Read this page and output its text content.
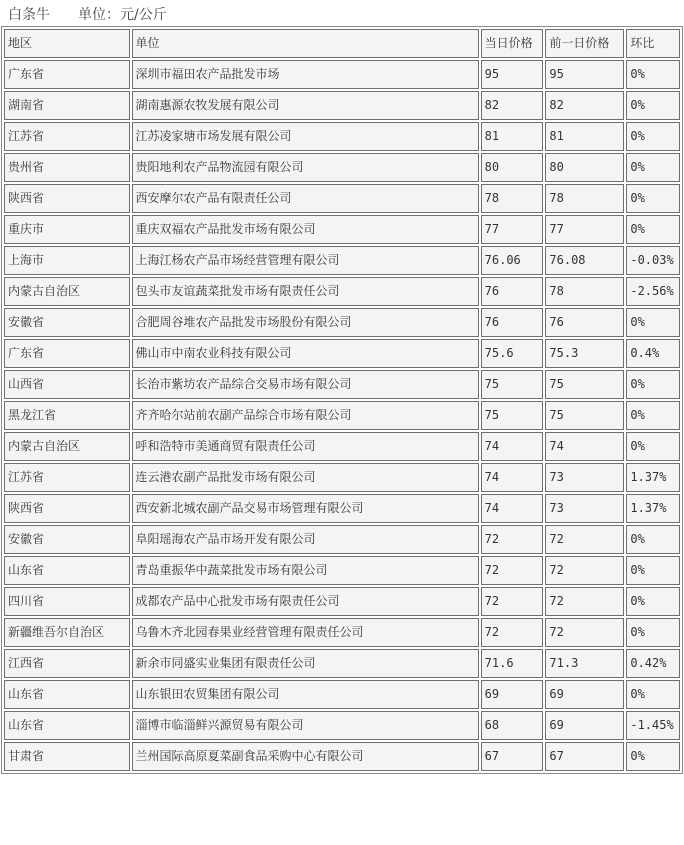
白条牛 单位：元/公斤
地区	单位	当日价格	前一日价格	环比
广东省	深圳市福田农产品批发市场	95	95	0%
湖南省	湖南惠源农牧发展有限公司	82	82	0%
江苏省	江苏凌家塘市场发展有限公司	81	81	0%
贵州省	贵阳地利农产品物流园有限公司	80	80	0%
陕西省	西安摩尔农产品有限责任公司	78	78	0%
重庆市	重庆双福农产品批发市场有限公司	77	77	0%
上海市	上海江杨农产品市场经营管理有限公司	76.06	76.08	-0.03%
内蒙古自治区	包头市友谊蔬菜批发市场有限责任公司	76	78	-2.56%
安徽省	合肥周谷堆农产品批发市场股份有限公司	76	76	0%
广东省	佛山市中南农业科技有限公司	75.6	75.3	0.4%
山西省	长治市紫坊农产品综合交易市场有限公司	75	75	0%
黑龙江省	齐齐哈尔站前农副产品综合市场有限公司	75	75	0%
内蒙古自治区	呼和浩特市美通商贸有限责任公司	74	74	0%
江苏省	连云港农副产品批发市场有限公司	74	73	1.37%
陕西省	西安新北城农副产品交易市场管理有限公司	74	73	1.37%
安徽省	阜阳瑶海农产品市场开发有限公司	72	72	0%
山东省	青岛重振华中蔬菜批发市场有限公司	72	72	0%
四川省	成都农产品中心批发市场有限责任公司	72	72	0%
新疆维吾尔自治区	乌鲁木齐北园春果业经营管理有限责任公司	72	72	0%
江西省	新余市同盛实业集团有限责任公司	71.6	71.3	0.42%
山东省	山东银田农贸集团有限公司	69	69	0%
山东省	淄博市临淄鲜兴源贸易有限公司	68	69	-1.45%
甘肃省	兰州国际高原夏菜副食品采购中心有限公司	67	67	0%
